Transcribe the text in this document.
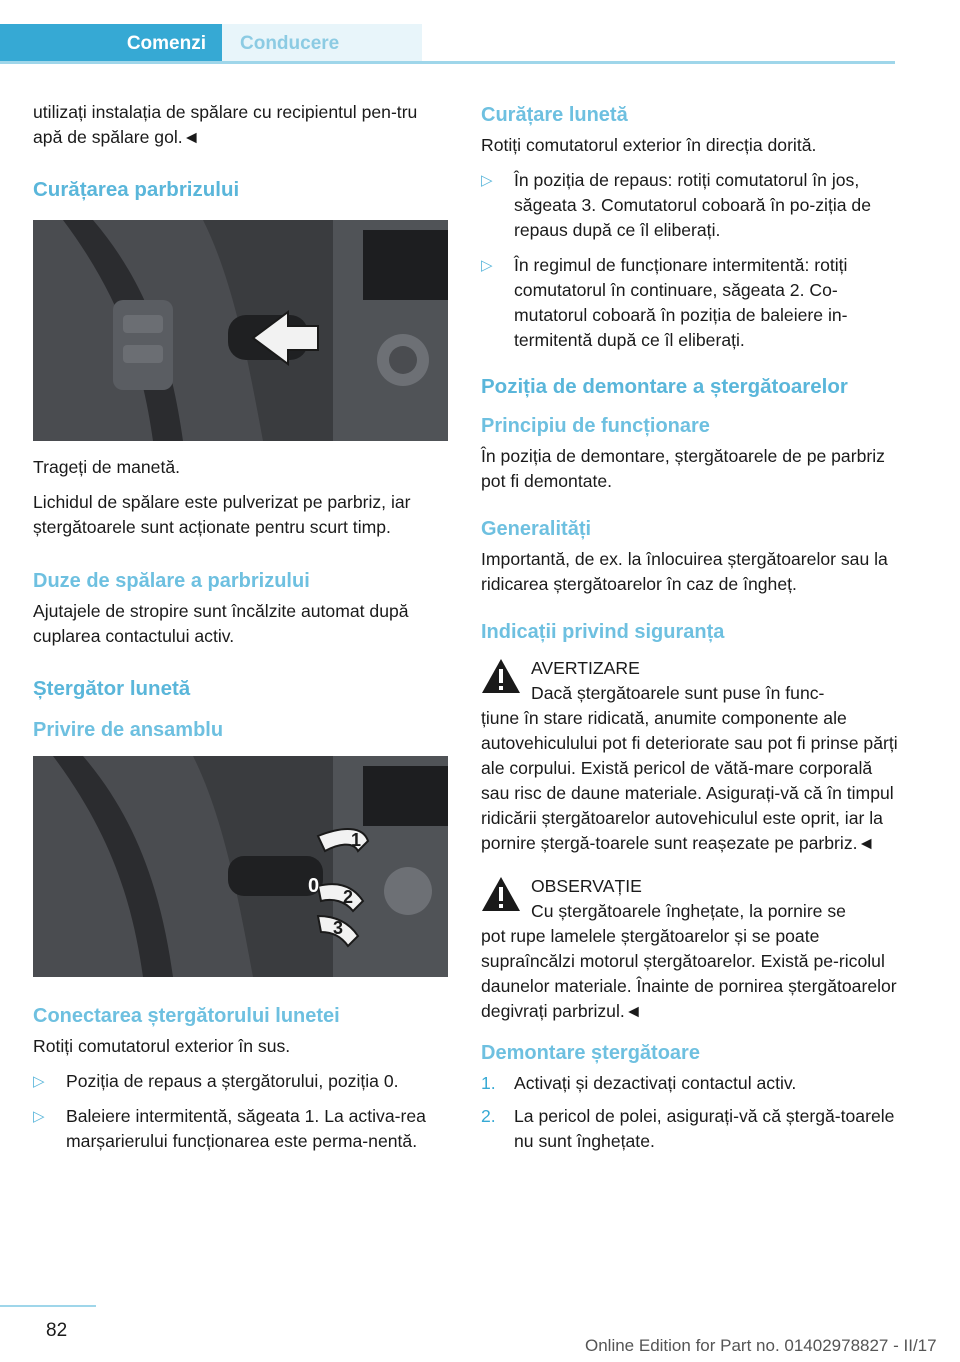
Comenzi	Conducere

utilizați instalația de spălare cu recipientul pen-tru apă de spălare gol.◄

Curățarea parbrizului

Trageți de manetă.

Lichidul de spălare este pulverizat pe parbriz, iar ștergătoarele sunt acționate pentru scurt timp.

Duze de spălare a parbrizului

Ajutajele de stropire sunt încălzite automat după cuplarea contactului activ.

Ștergător lunetă
Privire de ansamblu
1
0 2
3
Conectarea ștergătorului lunetei

Rotiți comutatorul exterior în sus.

▷ Poziția de repaus a ștergătorului, poziția 0.
▷ Baleiere intermitentă, săgeata 1. La activa-rea marșarierului funcționarea este perma-nentă.
Curățare lunetă

Rotiți comutatorul exterior în direcția dorită.

▷ În poziția de repaus: rotiți comutatorul în jos, săgeata 3. Comutatorul coboară în po-ziția de repaus după ce îl eliberați.
▷ În regimul de funcționare intermitentă: rotiți comutatorul în continuare, săgeata 2. Co-mutatorul coboară în poziția de baleiere in-termitentă după ce îl eliberați.
Poziția de demontare a ștergătoarelor
Principiu de funcționare

În poziția de demontare, ștergătoarele de pe parbriz pot fi demontate.

Generalități

Importantă, de ex. la înlocuirea ștergătoarelor sau la ridicarea ștergătoarelor în caz de îngheț.

Indicații privind siguranța
AVERTIZARE
Dacă ștergătoarele sunt puse în func-
țiune în stare ridicată, anumite componente ale autovehiculului pot fi deteriorate sau pot fi prinse părți ale corpului. Există pericol de vătă-mare corporală sau risc de daune materiale. Asigurați-vă că în timpul ridicării ștergătoarelor autovehiculul este oprit, iar la pornire ștergă-toarele sunt reașezate pe parbriz.◄
OBSERVAȚIE
Cu ștergătoarele înghețate, la pornire se
pot rupe lamelele ștergătoarelor și se poate supraîncălzi motorul ștergătoarelor. Există pe-ricolul daunelor materiale. Înainte de pornirea ștergătoarelor degivrați parbrizul.◄
Demontare ștergătoare
1. Activați și dezactivați contactul activ.
2. La pericol de polei, asigurați-vă că ștergă-toarele nu sunt înghețate.
82
Online Edition for Part no. 01402978827 - II/17
